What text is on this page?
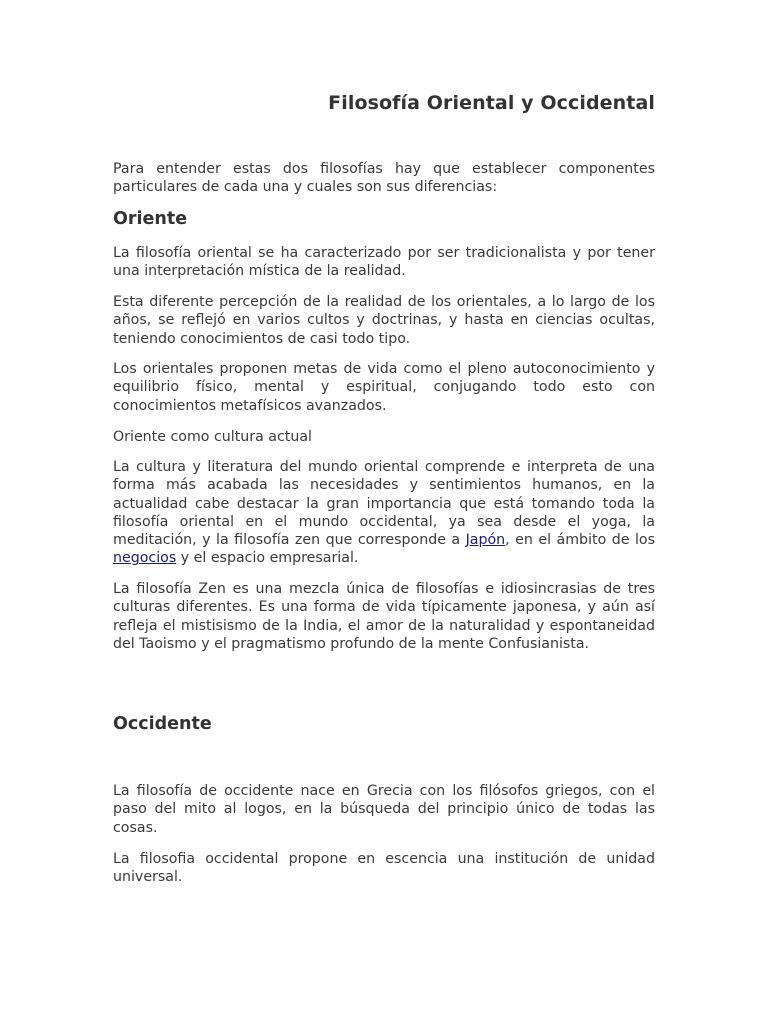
Filosofía Oriental y Occidental

Para entender estas dos filosofías hay que establecer componentes particulares de cada una y cuales son sus diferencias:

Oriente

La filosofía oriental se ha caracterizado por ser tradicionalista y por tener una interpretación mística de la realidad.

Esta diferente percepción de la realidad de los orientales, a lo largo de los años, se reflejó en varios cultos y doctrinas, y hasta en ciencias ocultas, teniendo conocimientos de casi todo tipo.

Los orientales proponen metas de vida como el pleno autoconocimiento y equilibrio físico, mental y espiritual, conjugando todo esto con conocimientos metafísicos avanzados.

Oriente como cultura actual

La cultura y literatura del mundo oriental comprende e interpreta de una forma más acabada las necesidades y sentimientos humanos, en la actualidad cabe destacar la gran importancia que está tomando toda la filosofía oriental en el mundo occidental, ya sea desde el yoga, la meditación, y la filosofía zen que corresponde a Japón, en el ámbito de los negocios y el espacio empresarial.

La filosofía Zen es una mezcla única de filosofías e idiosincrasias de tres culturas diferentes. Es una forma de vida típicamente japonesa, y aún así refleja el mistisismo de la India, el amor de la naturalidad y espontaneidad del Taoismo y el pragmatismo profundo de la mente Confusianista.

Occidente

La filosofía de occidente nace en Grecia con los filósofos griegos, con el paso del mito al logos, en la búsqueda del principio único de todas las cosas.

La filosofia occidental propone en escencia una institución de unidad universal.
